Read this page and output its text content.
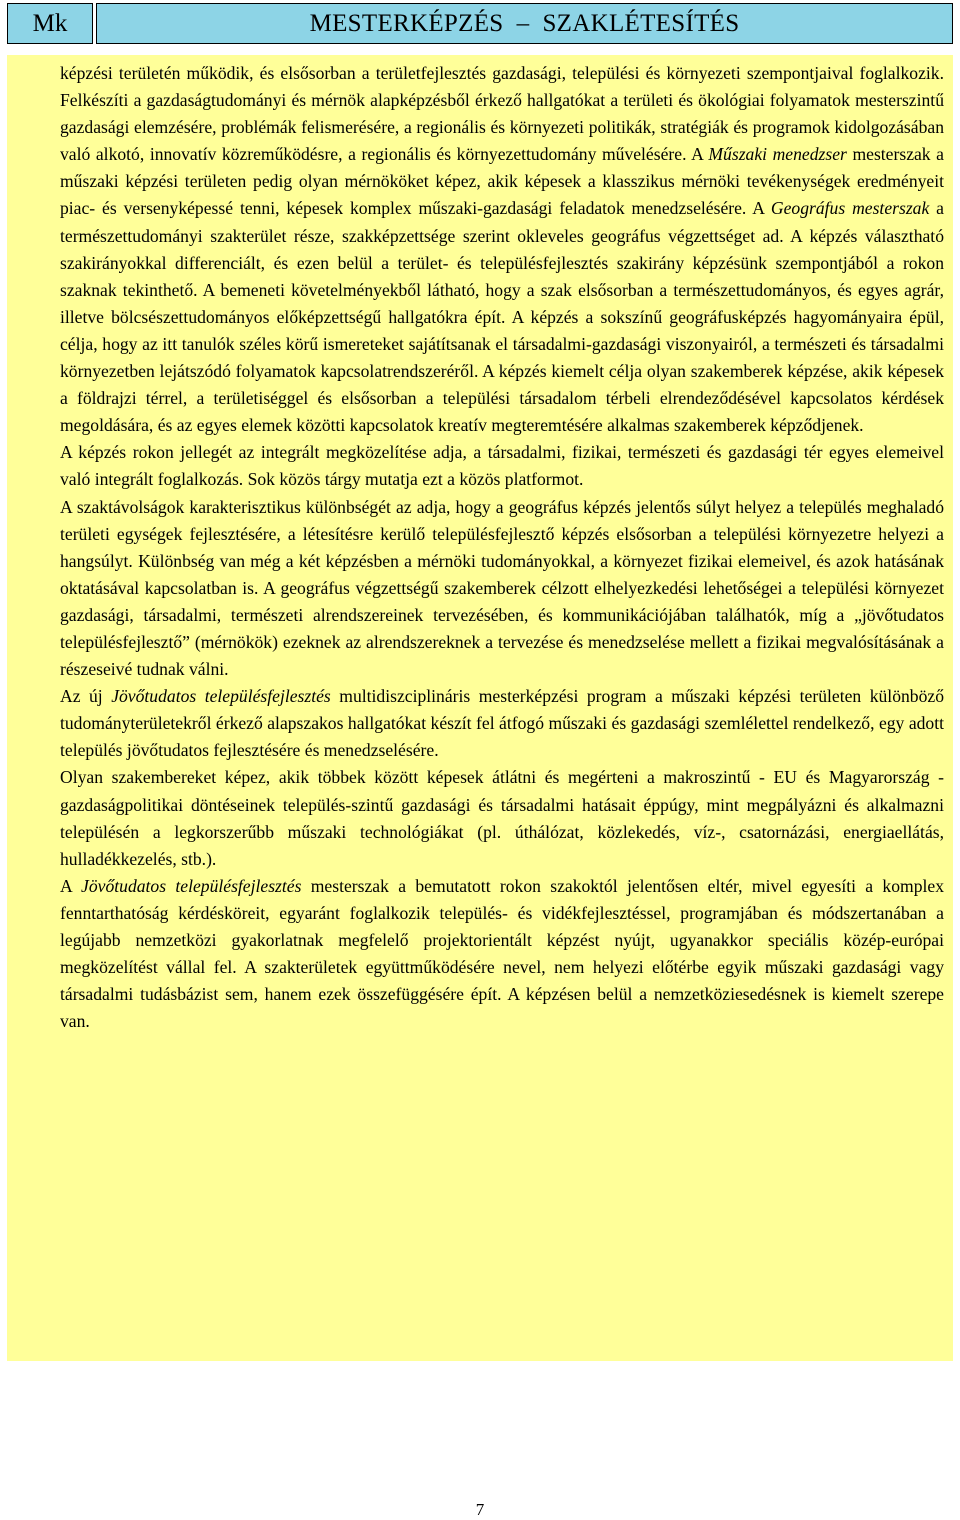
Mk	MESTERKÉPZÉS  –  SZAKLÉTESÍTÉS

képzési területén működik, és elsősorban a területfejlesztés gazdasági, települési és környezeti szempontjaival foglalkozik. Felkészíti a gazdaságtudományi és mérnök alapképzésből érkező hallgatókat a területi és ökológiai folyamatok mesterszintű gazdasági elemzésére, problémák felismerésére, a regionális és környezeti politikák, stratégiák és programok kidolgozásában való alkotó, innovatív közreműködésre, a regionális és környezettudomány művelésére. A Műszaki menedzser mesterszak a műszaki képzési területen pedig olyan mérnököket képez, akik képesek a klasszikus mérnöki tevékenységek eredményeit piac- és versenyképessé tenni, képesek komplex műszaki-gazdasági feladatok menedzselésére. A Geográfus mesterszak a természettudományi szakterület része, szakképzettsége szerint okleveles geográfus végzettséget ad. A képzés választható szakirányokkal differenciált, és ezen belül a terület- és településfejlesztés szakirány képzésünk szempontjából a rokon szaknak tekinthető. A bemeneti követelményekből látható, hogy a szak elsősorban a természettudományos, és egyes agrár, illetve bölcsészettudományos előképzettségű hallgatókra épít. A képzés a sokszínű geográfusképzés hagyományaira épül, célja, hogy az itt tanulók széles körű ismereteket sajátítsanak el társadalmi-gazdasági viszonyairól, a természeti és társadalmi környezetben lejátszódó folyamatok kapcsolatrendszeréről. A képzés kiemelt célja olyan szakemberek képzése, akik képesek a földrajzi térrel, a területiséggel és elsősorban a települési társadalom térbeli elrendeződésével kapcsolatos kérdések megoldására, és az egyes elemek közötti kapcsolatok kreatív megteremtésére alkalmas szakemberek képződjenek.

A képzés rokon jellegét az integrált megközelítése adja, a társadalmi, fizikai, természeti és gazdasági tér egyes elemeivel való integrált foglalkozás. Sok közös tárgy mutatja ezt a közös platformot.

A szaktávolságok karakterisztikus különbségét az adja, hogy a geográfus képzés jelentős súlyt helyez a település meghaladó területi egységek fejlesztésére, a létesítésre kerülő településfejlesztő képzés elsősorban a települési környezetre helyezi a hangsúlyt. Különbség van még a két képzésben a mérnöki tudományokkal, a környezet fizikai elemeivel, és azok hatásának oktatásával kapcsolatban is. A geográfus végzettségű szakemberek célzott elhelyezkedési lehetőségei a települési környezet gazdasági, társadalmi, természeti alrendszereinek tervezésében, és kommunikációjában találhatók, míg a „jövőtudatos településfejlesztő” (mérnökök) ezeknek az alrendszereknek a tervezése és menedzselése mellett a fizikai megvalósításának a részeseivé tudnak válni.

Az új Jövőtudatos településfejlesztés multidiszciplináris mesterképzési program a műszaki képzési területen különböző tudományterületekről érkező alapszakos hallgatókat készít fel átfogó műszaki és gazdasági szemlélettel rendelkező, egy adott település jövőtudatos fejlesztésére és menedzselésére.

Olyan szakembereket képez, akik többek között képesek átlátni és megérteni a makroszintű - EU és Magyarország - gazdaságpolitikai döntéseinek település-szintű gazdasági és társadalmi hatásait éppúgy, mint megpályázni és alkalmazni településén a legkorszerűbb műszaki technológiákat (pl. úthálózat, közlekedés, víz-, csatornázási, energiaellátás, hulladékkezelés, stb.).

A Jövőtudatos településfejlesztés mesterszak a bemutatott rokon szakoktól jelentősen eltér, mivel egyesíti a komplex fenntarthatóság kérdésköreit, egyaránt foglalkozik település- és vidékfejlesztéssel, programjában és módszertanában a legújabb nemzetközi gyakorlatnak megfelelő projektorientált képzést nyújt, ugyanakkor speciális közép-európai megközelítést vállal fel. A szakterületek együttműködésére nevel, nem helyezi előtérbe egyik műszaki gazdasági vagy társadalmi tudásbázist sem, hanem ezek összefüggésére épít. A képzésen belül a nemzetköziesedésnek is kiemelt szerepe van.

7
